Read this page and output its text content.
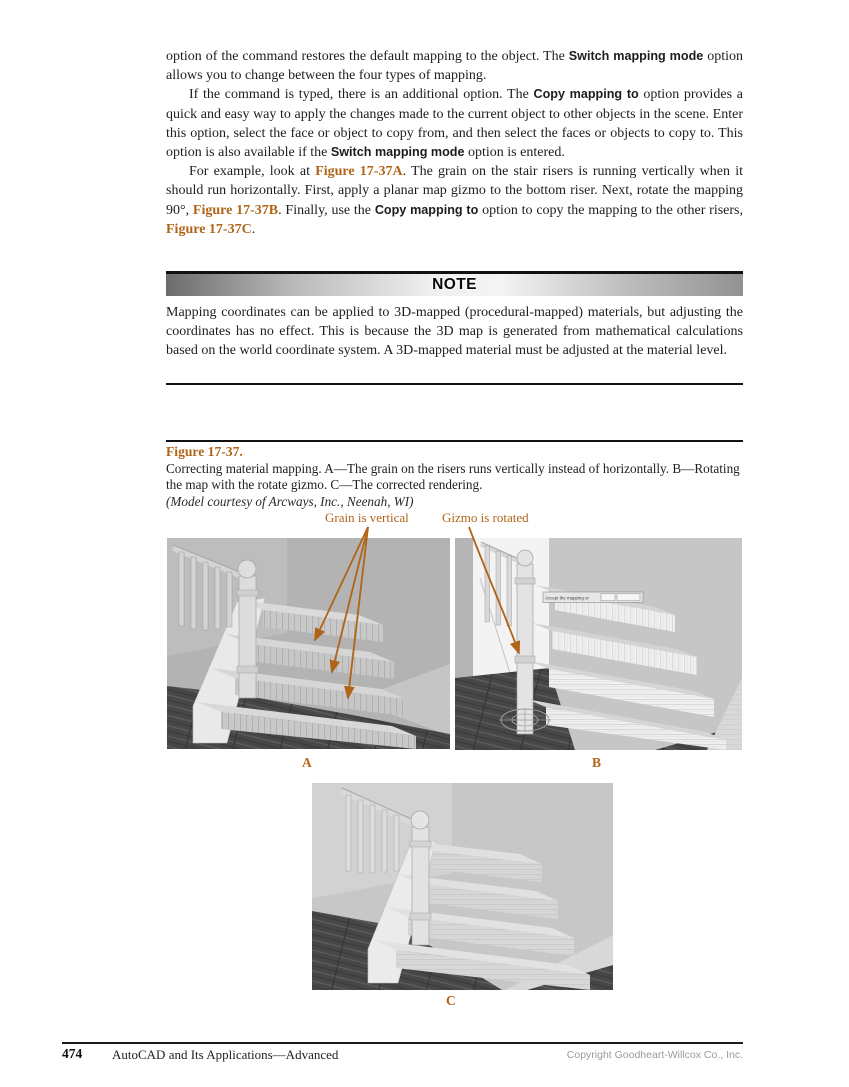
option of the command restores the default mapping to the object. The Switch mapping mode option allows you to change between the four types of mapping.

If the command is typed, there is an additional option. The Copy mapping to option provides a quick and easy way to apply the changes made to the current object to other objects in the scene. Enter this option, select the face or object to copy from, and then select the faces or objects to copy to. This option is also available if the Switch mapping mode option is entered.

For example, look at Figure 17-37A. The grain on the stair risers is running vertically when it should run horizontally. First, apply a planar map gizmo to the bottom riser. Next, rotate the mapping 90°, Figure 17-37B. Finally, use the Copy mapping to option to copy the mapping to the other risers, Figure 17-37C.

NOTE
Mapping coordinates can be applied to 3D-mapped (procedural-mapped) materials, but adjusting the coordinates has no effect. This is because the 3D map is generated from mathematical calculations based on the world coordinate system. A 3D-mapped material must be adjusted at the material level.
Figure 17-37.
Correcting material mapping. A—The grain on the risers runs vertically instead of horizontally. B—Rotating the map with the rotate gizmo. C—The corrected rendering.
(Model courtesy of Arcways, Inc., Neenah, WI)
Grain is vertical	Gizmo is rotated
Accept the mapping or
A	B
C
474 AutoCAD and Its Applications—Advanced	Copyright Goodheart-Willcox Co., Inc.
